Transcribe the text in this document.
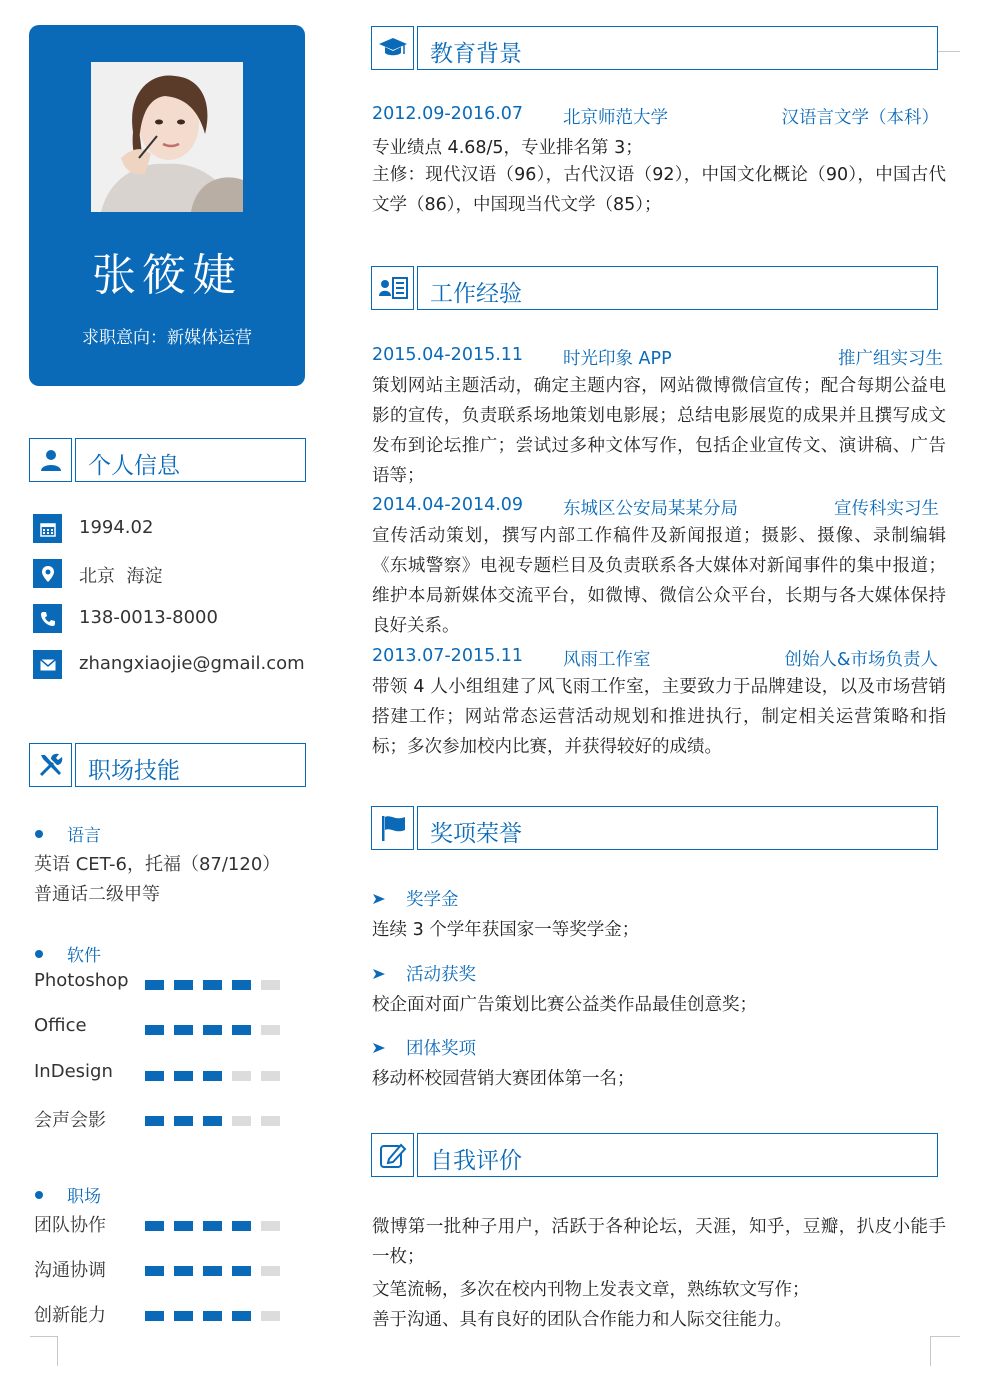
张筱婕
求职意向：新媒体运营
个人信息
1994.02
北京  海淀
138-0013-8000
zhangxiaojie@gmail.com
职场技能
语言
英语 CET-6，托福（87/120）
普通话二级甲等
软件
Photoshop
Office
InDesign
会声会影
职场
团队协作
沟通协调
创新能力
教育背景
2012.09-2016.07 北京师范大学	汉语言文学（本科）
专业绩点 4.68/5，专业排名第 3；
主修：现代汉语（96），古代汉语（92），中国文化概论（90），中国古代文学（86），中国现当代文学（85）；
工作经验
2015.04-2015.11 时光印象 APP	推广组实习生
策划网站主题活动，确定主题内容，网站微博微信宣传；配合每期公益电影的宣传，负责联系场地策划电影展；总结电影展览的成果并且撰写成文发布到论坛推广；尝试过多种文体写作，包括企业宣传文、演讲稿、广告语等；
2014.04-2014.09 东城区公安局某某分局	宣传科实习生
宣传活动策划，撰写内部工作稿件及新闻报道；摄影、摄像、录制编辑《东城警察》电视专题栏目及负责联系各大媒体对新闻事件的集中报道；维护本局新媒体交流平台，如微博、微信公众平台，长期与各大媒体保持良好关系。
2013.07-2015.11 风雨工作室	创始人&市场负责人
带领 4 人小组组建了风飞雨工作室，主要致力于品牌建设，以及市场营销搭建工作；网站常态运营活动规划和推进执行，制定相关运营策略和指标；多次参加校内比赛，并获得较好的成绩。
奖项荣誉
奖学金
连续 3 个学年获国家一等奖学金；
活动获奖
校企面对面广告策划比赛公益类作品最佳创意奖；
团体奖项
移动杯校园营销大赛团体第一名；
自我评价
微博第一批种子用户，活跃于各种论坛，天涯，知乎，豆瓣，扒皮小能手一枚；
文笔流畅，多次在校内刊物上发表文章，熟练软文写作；
善于沟通、具有良好的团队合作能力和人际交往能力。
